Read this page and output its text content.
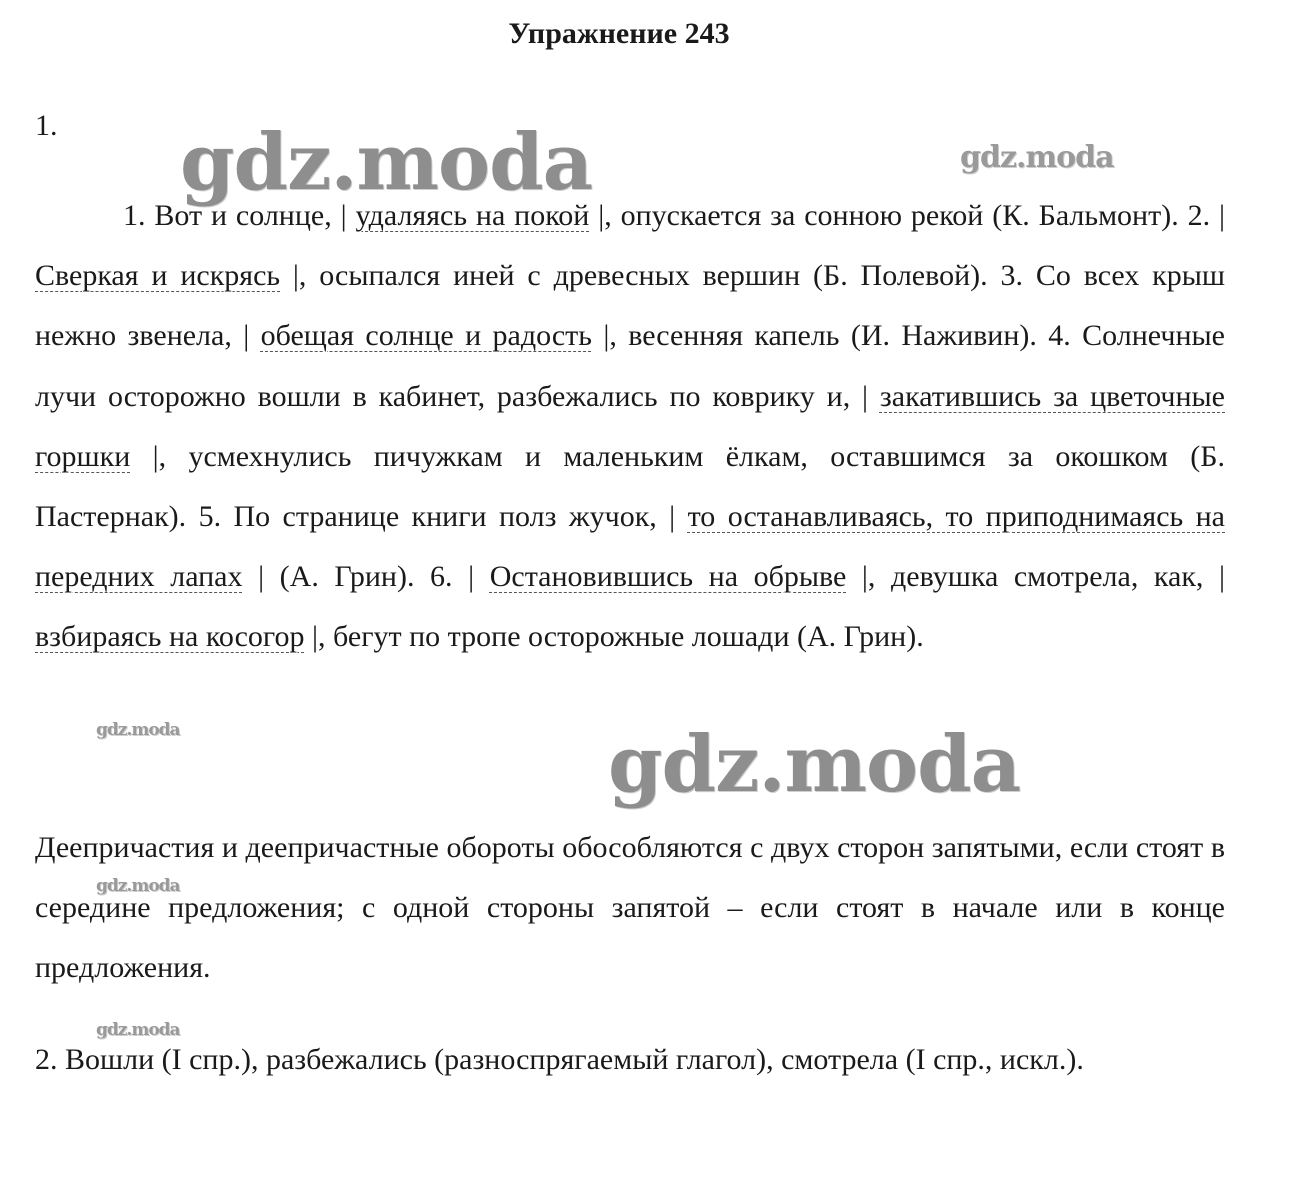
Упражнение 243
1.

1. Вот и солнце, | удаляясь на покой |, опускается за сонною рекой (К. Бальмонт). 2. | Сверкая и искрясь |, осыпался иней с древесных вершин (Б. Полевой). 3. Со всех крыш нежно звенела, | обещая солнце и радость |, весенняя капель (И. Наживин). 4. Солнечные лучи осторожно вошли в кабинет, разбежались по коврику и, | закатившись за цветочные горшки |, усмехнулись пичужкам и маленьким ёлкам, оставшимся за окошком (Б. Пастернак). 5. По странице книги полз жучок, | то останавливаясь, то приподнимаясь на передних лапах | (А. Грин). 6. | Остановившись на обрыве |, девушка смотрела, как, | взбираясь на косогор |, бегут по тропе осторожные лошади (А. Грин).

Деепричастия и деепричастные обороты обособляются с двух сторон запятыми, если стоят в середине предложения; с одной стороны запятой – если стоят в начале или в конце предложения.

2. Вошли (I спр.), разбежались (разноспрягаемый глагол), смотрела (I спр., искл.).

gdz.moda	gdz.moda
gdz.moda	gdz.moda
gdz.moda
gdz.moda
